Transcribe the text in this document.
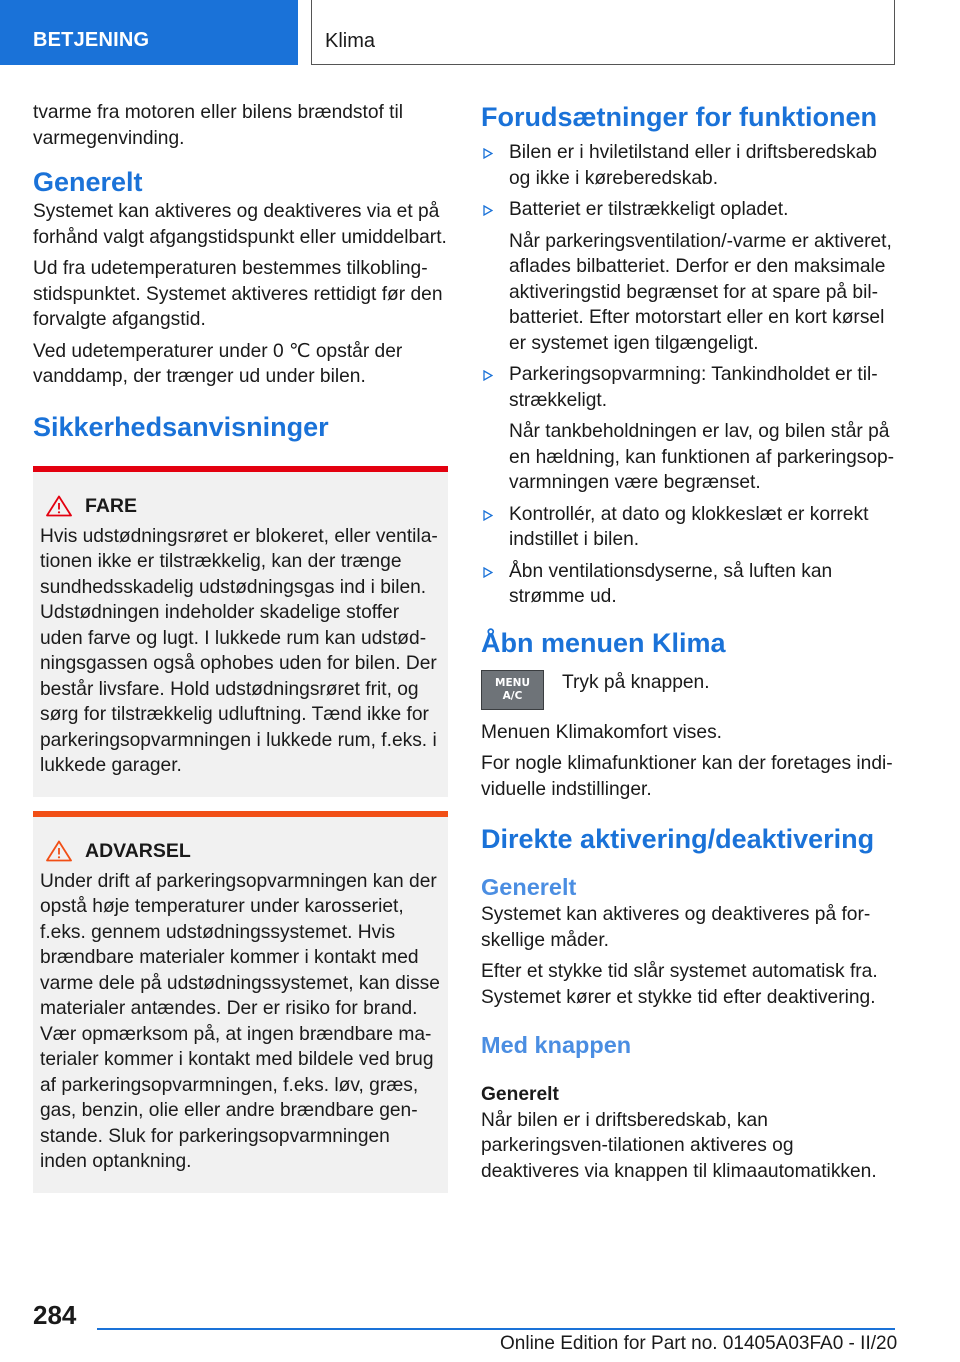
BETJENING	Klima

tvarme fra motoren eller bilens brændstof til varmegenvinding.

Generelt

Systemet kan aktiveres og deaktiveres via et på forhånd valgt afgangstidspunkt eller umiddelbart.

Ud fra udetemperaturen bestemmes tilkobling-stidspunktet. Systemet aktiveres rettidigt før den forvalgte afgangstid.

Ved udetemperaturer under 0 ℃ opstår der vanddamp, der trænger ud under bilen.

Sikkerhedsanvisninger
FARE

Hvis udstødningsrøret er blokeret, eller ventila-tionen ikke er tilstrækkelig, kan der trænge sundhedsskadelig udstødningsgas ind i bilen. Udstødningen indeholder skadelige stoffer uden farve og lugt. I lukkede rum kan udstød-ningsgassen også ophobes uden for bilen. Der består livsfare. Hold udstødningsrøret frit, og sørg for tilstrækkelig udluftning. Tænd ikke for parkeringsopvarmningen i lukkede rum, f.eks. i lukkede garager.

ADVARSEL

Under drift af parkeringsopvarmningen kan der opstå høje temperaturer under karosseriet, f.eks. gennem udstødningssystemet. Hvis brændbare materialer kommer i kontakt med varme dele på udstødningssystemet, kan disse materialer antændes. Der er risiko for brand. Vær opmærksom på, at ingen brændbare ma-terialer kommer i kontakt med bildele ved brug af parkeringsopvarmningen, f.eks. løv, græs, gas, benzin, olie eller andre brændbare gen-stande. Sluk for parkeringsopvarmningen inden optankning.

Forudsætninger for funktionen

Bilen er i hviletilstand eller i driftsberedskab og ikke i køreberedskab.

Batteriet er tilstrækkeligt opladet.

Når parkeringsventilation/-varme er aktiveret, aflades bilbatteriet. Derfor er den maksimale aktiveringstid begrænset for at spare på bil-batteriet. Efter motorstart eller en kort kørsel er systemet igen tilgængeligt.

Parkeringsopvarmning: Tankindholdet er til-strækkeligt.

Når tankbeholdningen er lav, og bilen står på en hældning, kan funktionen af parkeringsop-varmningen være begrænset.

Kontrollér, at dato og klokkeslæt er korrekt indstillet i bilen.

Åbn ventilationsdyserne, så luften kan strømme ud.

Åbn menuen Klima
MENU
A/C

Tryk på knappen.

Menuen Klimakomfort vises.

For nogle klimafunktioner kan der foretages indi-viduelle indstillinger.

Direkte aktivering/deaktivering
Generelt

Systemet kan aktiveres og deaktiveres på for-skellige måder.

Efter et stykke tid slår systemet automatisk fra. Systemet kører et stykke tid efter deaktivering.

Med knappen
Generelt

Når bilen er i driftsberedskab, kan parkeringsven-tilationen aktiveres og deaktiveres via knappen til klimaautomatikken.

284
Online Edition for Part no. 01405A03FA0 - II/20
